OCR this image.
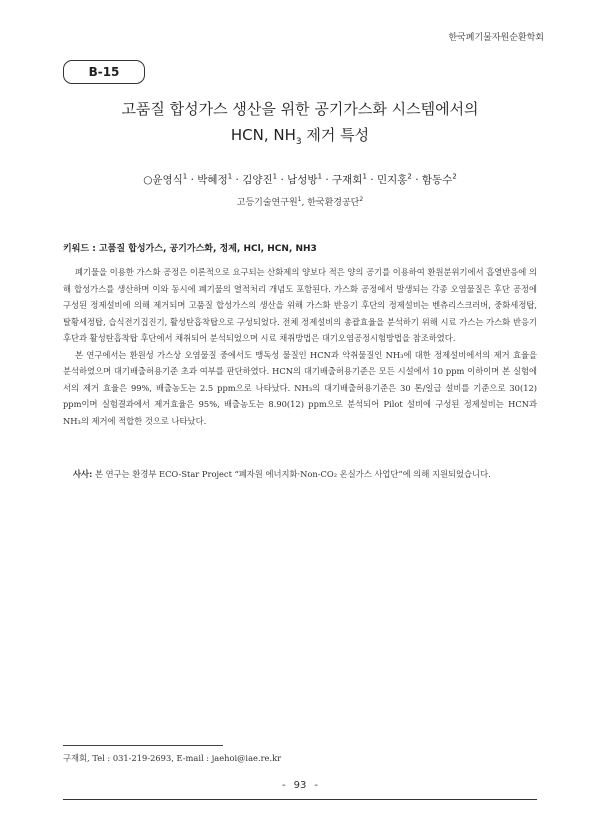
한국폐기물자원순환학회
B-15
고품질 합성가스 생산을 위한 공기가스화 시스템에서의
HCN, $NH_3$ 제거 특성
○윤영식$^1$ · 박혜정$^1$ · 김양진$^1$ · 남성방$^1$ · 구재회$^1$ · 민지홍$^2$ · 함동수$^2$
고등기술연구원$^1$, 한국환경공단$^2$
키워드 : 고품질 합성가스, 공기가스화, 정제, HCl, HCN, NH3

폐기물을 이용한 가스화 공정은 이론적으로 요구되는 산화제의 양보다 적은 양의 공기를 이용하여 환원분위기에서 흡열반응에 의해 합성가스를 생산하며 이와 동시에 폐기물의 열적처리 개념도 포함된다. 가스화 공정에서 발생되는 각종 오염물질은 후단 공정에 구성된 정제설비에 의해 제거되며 고품질 합성가스의 생산을 위해 가스화 반응기 후단의 정제설비는 벤츄리스크러버, 중화세정탑, 탈황세정탑, 습식전기집진기, 활성탄흡착탑으로 구성되었다. 전체 정제설비의 총괄효율을 분석하기 위해 시료 가스는 가스화 반응기 후단과 활성탄흡착탑 후단에서 채취되어 분석되었으며 시료 채취방법은 대기오염공정시험방법을 참조하였다.

본 연구에서는 환원성 가스상 오염물질 중에서도 맹독성 물질인 HCN과 악취물질인 NH₃에 대한 정제설비에서의 제거 효율을 분석하였으며 대기배출허용기준 초과 여부를 판단하였다. HCN의 대기배출허용기준은 모든 시설에서 10 ppm 이하이며 본 실험에서의 제거 효율은 99%, 배출농도는 2.5 ppm으로 나타났다. NH₃의 대기배출허용기준은 30 톤/일급 설비를 기준으로 30(12) ppm이며 실험결과에서 제거효율은 95%, 배출농도는 8.90(12) ppm으로 분석되어 Pilot 설비에 구성된 정제설비는 HCN과 NH₃의 제거에 적합한 것으로 나타났다.

사사: 본 연구는 환경부 ECO-Star Project “폐자원 에너지화·Non-CO₂ 온실가스 사업단”에 의해 지원되었습니다.

구재회, Tel : 031-219-2693, E-mail : jaehoi@iae.re.kr
- 93 -
